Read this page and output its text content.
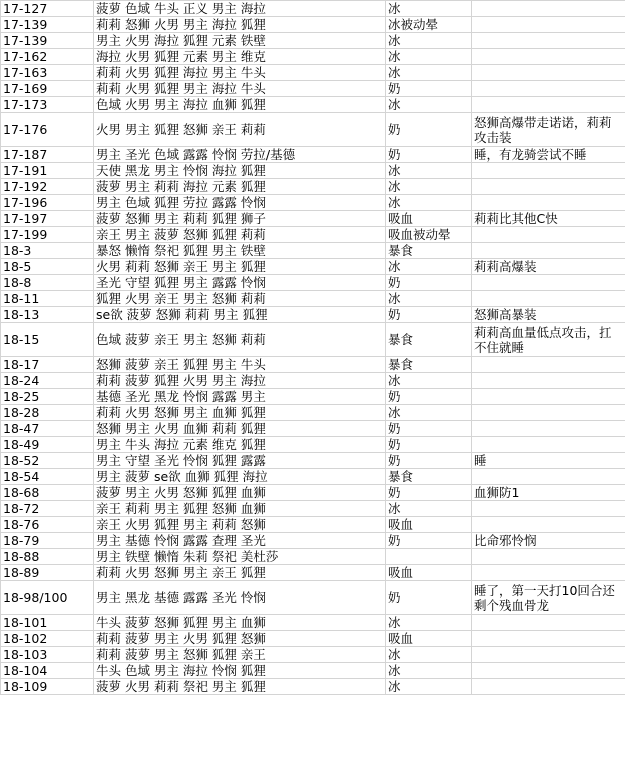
17-127	菠萝 色域 牛头 正义 男主 海拉	冰	
17-139	莉莉 怒狮 火男 男主 海拉 狐狸	冰被动晕	
17-139	男主 火男 海拉 狐狸 元素 铁壁	冰	
17-162	海拉 火男 狐狸 元素 男主 维克	冰	
17-163	莉莉 火男 狐狸 海拉 男主 牛头	冰	
17-169	莉莉 火男 狐狸 男主 海拉 牛头	奶	
17-173	色域 火男 男主 海拉 血狮 狐狸	冰	
17-176	火男 男主 狐狸 怒狮 亲王 莉莉	奶	怒狮高爆带走诺诺，莉莉攻击装
17-187	男主 圣光 色域 露露 怜悯 劳拉/基德	奶	睡，有龙骑尝试不睡
17-191	天使 黑龙 男主 怜悯 海拉 狐狸	冰	
17-192	菠萝 男主 莉莉 海拉 元素 狐狸	冰	
17-196	男主 色域 狐狸 劳拉 露露 怜悯	冰	
17-197	菠萝 怒狮 男主 莉莉 狐狸 狮子	吸血	莉莉比其他C快
17-199	亲王 男主 菠萝 怒狮 狐狸 莉莉	吸血被动晕	
18-3	暴怒 懒惰 祭祀 狐狸 男主 铁壁	暴食	
18-5	火男 莉莉 怒狮 亲王 男主 狐狸	冰	莉莉高爆装
18-8	圣光 守望 狐狸 男主 露露 怜悯	奶	
18-11	狐狸 火男 亲王 男主 怒狮 莉莉	冰	
18-13	se欲 菠萝 怒狮 莉莉 男主 狐狸	奶	怒狮高暴装
18-15	色域 菠萝 亲王 男主 怒狮 莉莉	暴食	莉莉高血量低点攻击，扛不住就睡
18-17	怒狮 菠萝 亲王 狐狸 男主 牛头	暴食	
18-24	莉莉 菠萝 狐狸 火男 男主 海拉	冰	
18-25	基德 圣光 黑龙 怜悯 露露 男主	奶	
18-28	莉莉 火男 怒狮 男主 血狮 狐狸	冰	
18-47	怒狮 男主 火男 血狮 莉莉 狐狸	奶	
18-49	男主 牛头 海拉 元素 维克 狐狸	奶	
18-52	男主 守望 圣光 怜悯 狐狸 露露	奶	睡
18-54	男主 菠萝 se欲 血狮 狐狸 海拉	暴食	
18-68	菠萝 男主 火男 怒狮 狐狸 血狮	奶	血狮防1
18-72	亲王 莉莉 男主 狐狸 怒狮 血狮	冰	
18-76	亲王 火男 狐狸 男主 莉莉 怒狮	吸血	
18-79	男主 基德 怜悯 露露 查理 圣光	奶	比命邪怜悯
18-88	男主 铁壁 懒惰 朱莉 祭祀 美杜莎		
18-89	莉莉 火男 怒狮 男主 亲王 狐狸	吸血	
18-98/100	男主 黑龙 基德 露露 圣光 怜悯	奶	睡了，第一天打10回合还剩个残血骨龙
18-101	牛头 菠萝 怒狮 狐狸 男主 血狮	冰	
18-102	莉莉 菠萝 男主 火男 狐狸 怒狮	吸血	
18-103	莉莉 菠萝 男主 怒狮 狐狸 亲王	冰	
18-104	牛头 色域 男主 海拉 怜悯 狐狸	冰	
18-109	菠萝 火男 莉莉 祭祀 男主 狐狸	冰	
